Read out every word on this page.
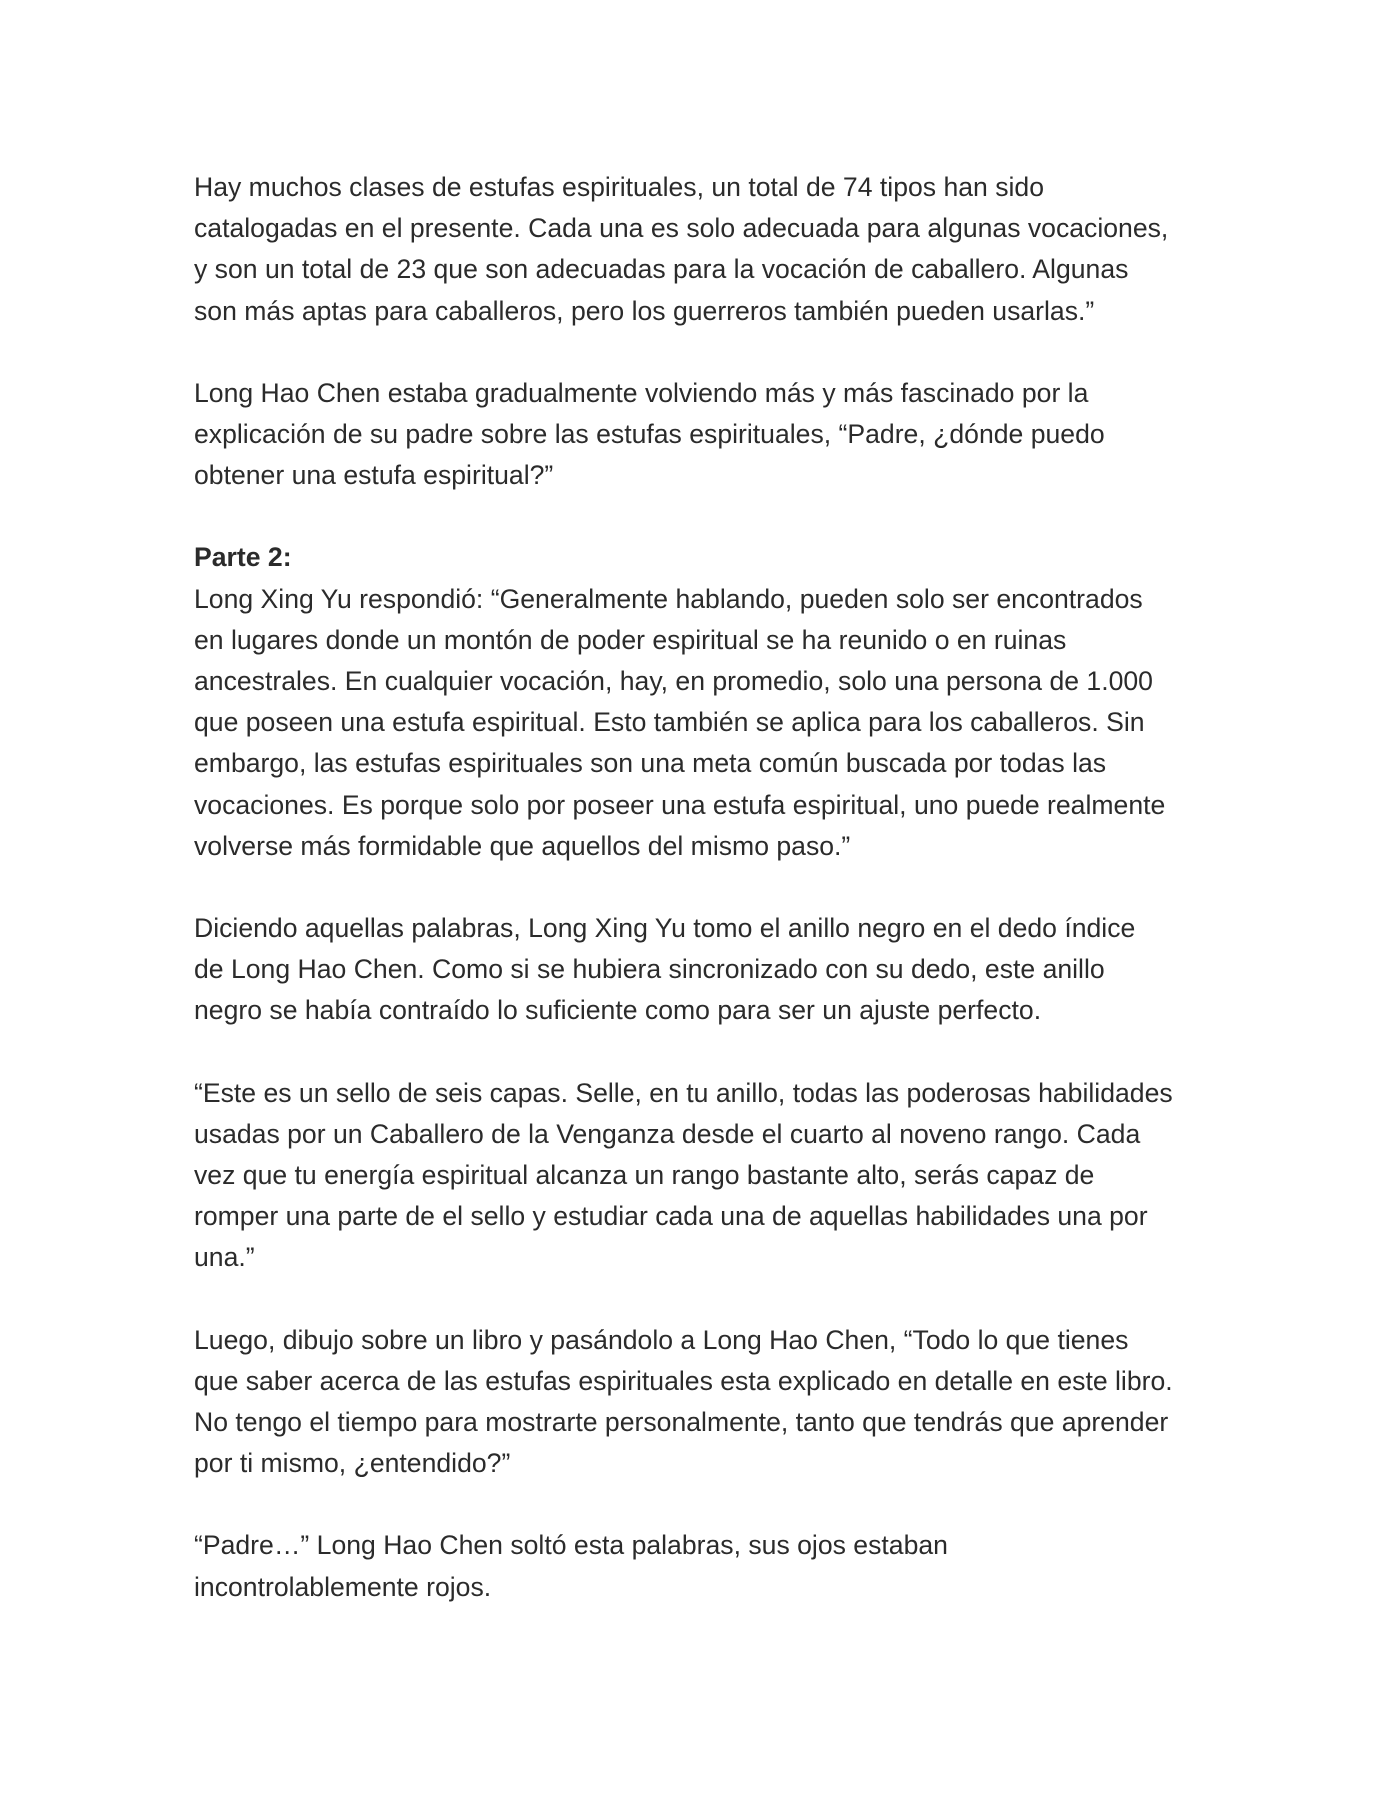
Hay muchos clases de estufas espirituales, un total de 74 tipos han sido
catalogadas en el presente. Cada una es solo adecuada para algunas vocaciones,
y son un total de 23 que son adecuadas para la vocación de caballero. Algunas
son más aptas para caballeros, pero los guerreros también pueden usarlas.”

Long Hao Chen estaba gradualmente volviendo más y más fascinado por la
explicación de su padre sobre las estufas espirituales, “Padre, ¿dónde puedo
obtener una estufa espiritual?”

Parte 2:

Long Xing Yu respondió: “Generalmente hablando, pueden solo ser encontrados
en lugares donde un montón de poder espiritual se ha reunido o en ruinas
ancestrales. En cualquier vocación, hay, en promedio, solo una persona de 1.000
que poseen una estufa espiritual. Esto también se aplica para los caballeros. Sin
embargo, las estufas espirituales son una meta común buscada por todas las
vocaciones. Es porque solo por poseer una estufa espiritual, uno puede realmente
volverse más formidable que aquellos del mismo paso.”

Diciendo aquellas palabras, Long Xing Yu tomo el anillo negro en el dedo índice
de Long Hao Chen. Como si se hubiera sincronizado con su dedo, este anillo
negro se había contraído lo suficiente como para ser un ajuste perfecto.

“Este es un sello de seis capas. Selle, en tu anillo, todas las poderosas habilidades
usadas por un Caballero de la Venganza desde el cuarto al noveno rango. Cada
vez que tu energía espiritual alcanza un rango bastante alto, serás capaz de
romper una parte de el sello y estudiar cada una de aquellas habilidades una por
una.”

Luego, dibujo sobre un libro y pasándolo a Long Hao Chen, “Todo lo que tienes
que saber acerca de las estufas espirituales esta explicado en detalle en este libro.
No tengo el tiempo para mostrarte personalmente, tanto que tendrás que aprender
por ti mismo, ¿entendido?”

“Padre…” Long Hao Chen soltó esta palabras, sus ojos estaban
incontrolablemente rojos.
